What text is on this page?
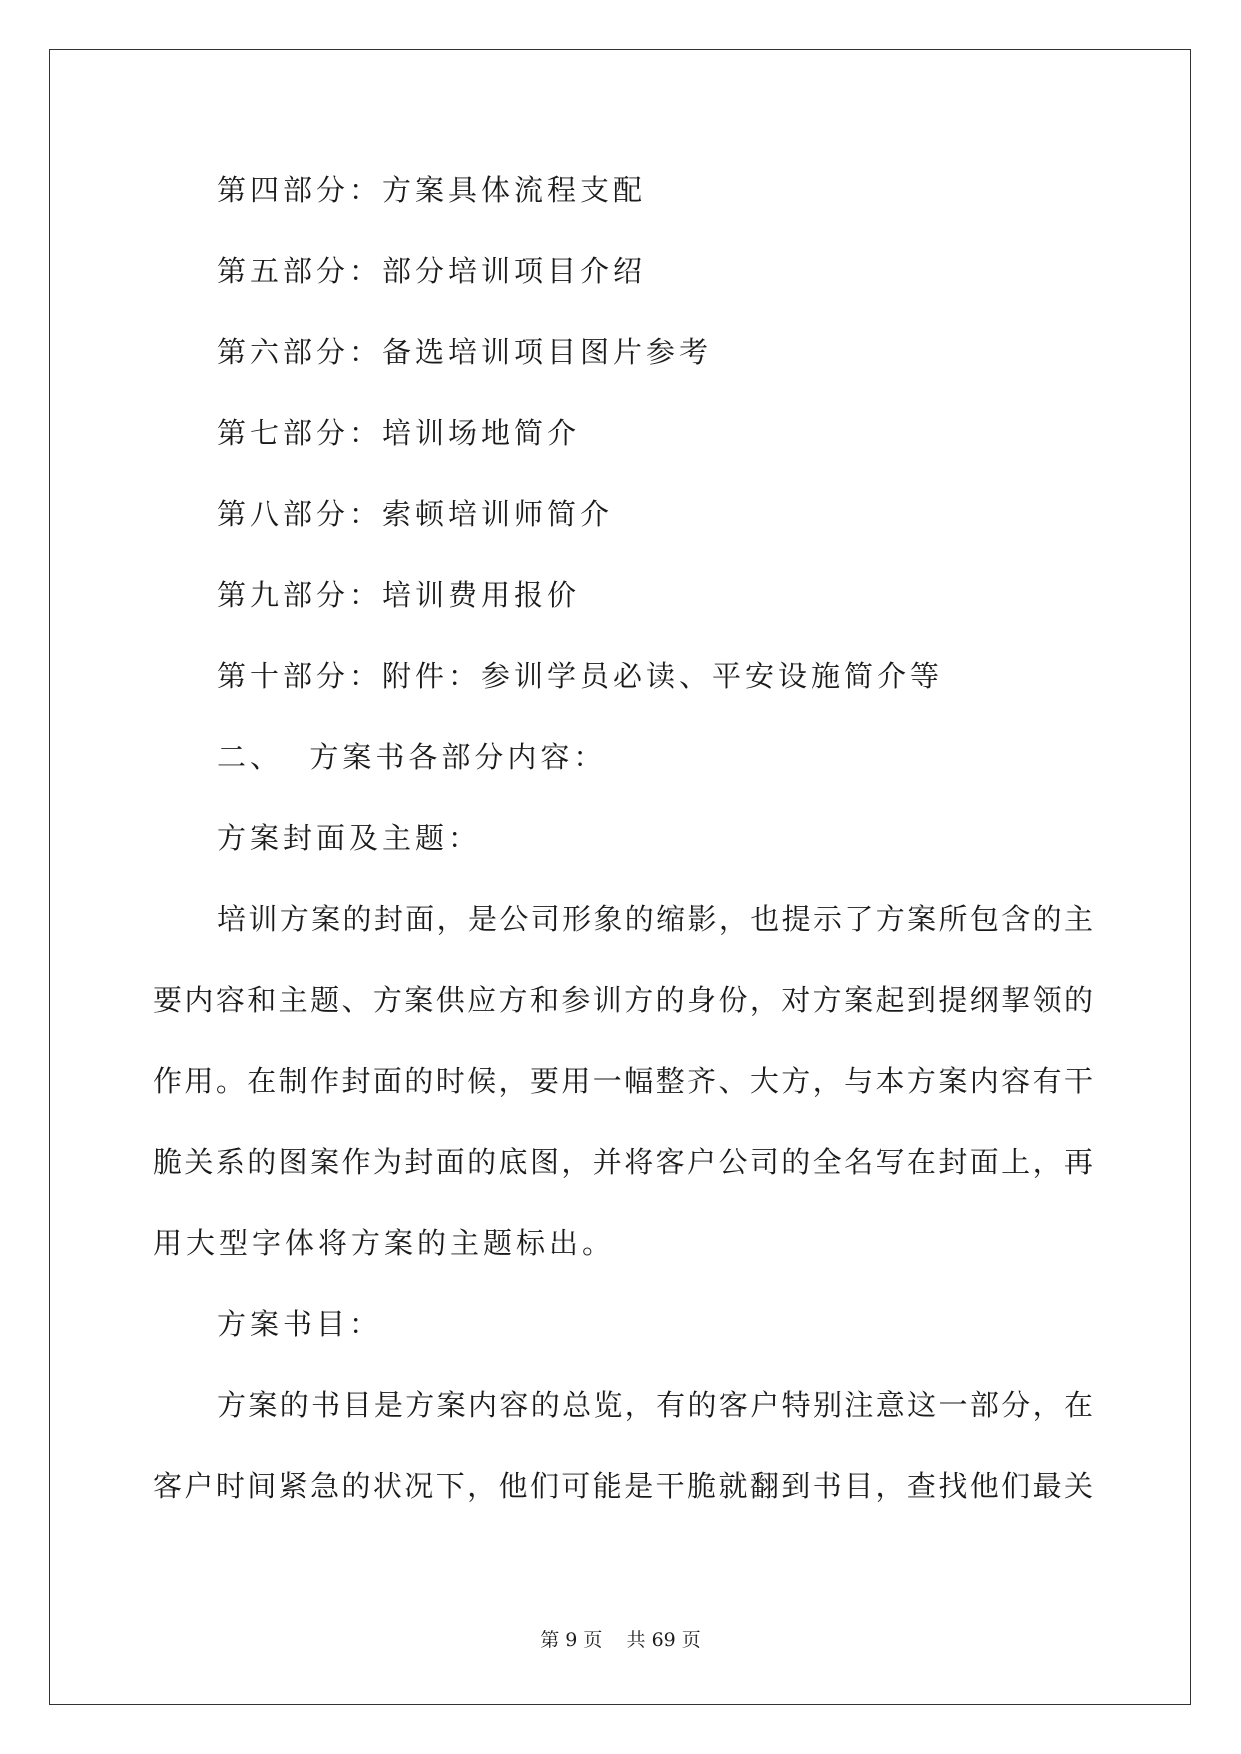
第四部分：方案具体流程支配
第五部分：部分培训项目介绍
第六部分：备选培训项目图片参考
第七部分：培训场地简介
第八部分：索顿培训师简介
第九部分：培训费用报价
第十部分：附件：参训学员必读、平安设施简介等
二、  方案书各部分内容：
方案封面及主题：
培训方案的封面，是公司形象的缩影，也提示了方案所包含的主
要内容和主题、方案供应方和参训方的身份，对方案起到提纲挈领的
作用。在制作封面的时候，要用一幅整齐、大方，与本方案内容有干
脆关系的图案作为封面的底图，并将客户公司的全名写在封面上，再
用大型字体将方案的主题标出。
方案书目：
方案的书目是方案内容的总览，有的客户特别注意这一部分，在
客户时间紧急的状况下，他们可能是干脆就翻到书目，查找他们最关
第 9 页    共 69 页
